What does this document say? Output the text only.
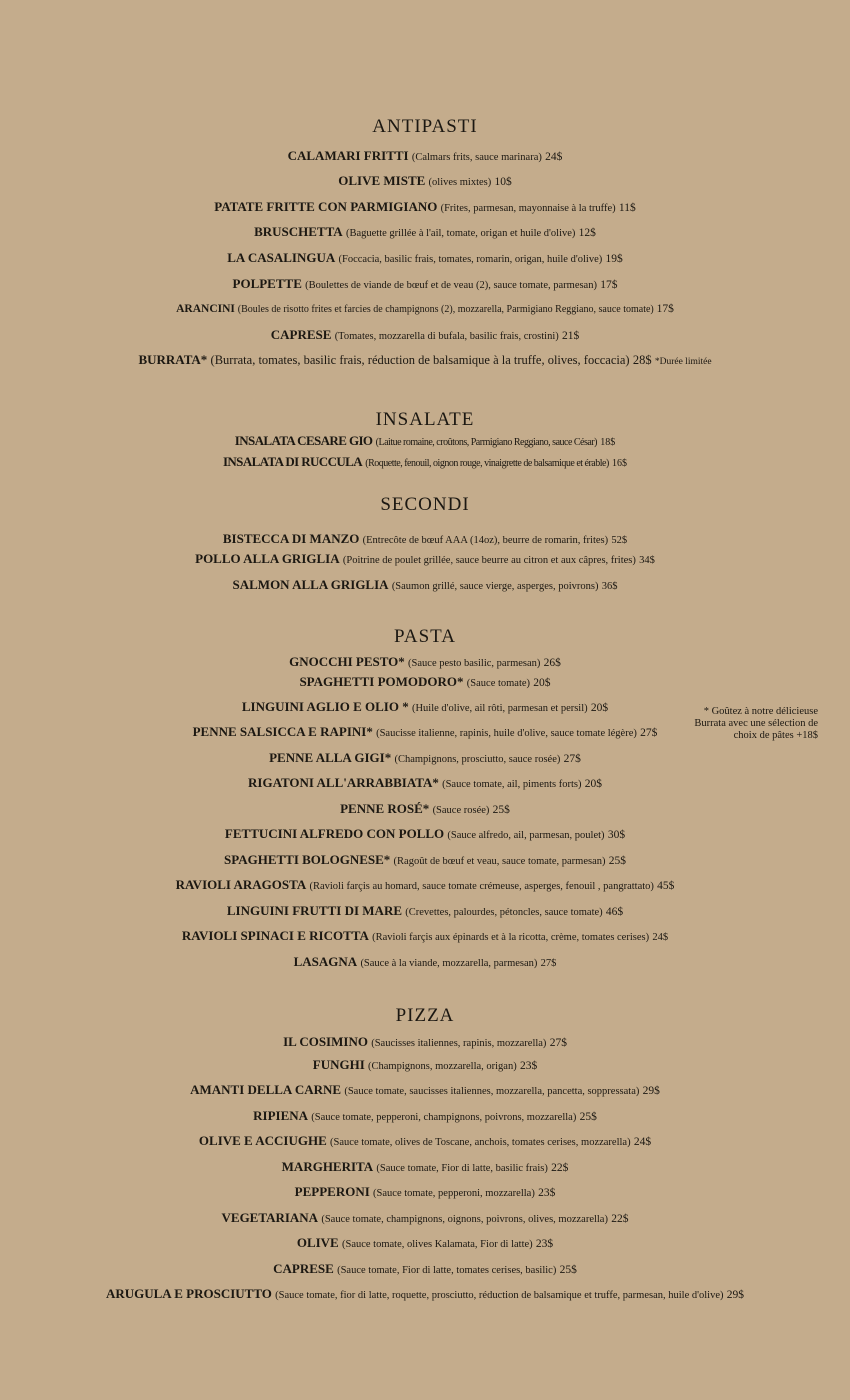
ANTIPASTI
CALAMARI FRITTI (Calmars frits, sauce marinara) 24$
OLIVE MISTE (olives mixtes) 10$
PATATE FRITTE CON PARMIGIANO (Frites, parmesan, mayonnaise à la truffe) 11$
BRUSCHETTA (Baguette grillée à l'ail, tomate, origan et huile d'olive) 12$
LA CASALINGUA (Foccacia, basilic frais, tomates, romarin, origan, huile d'olive) 19$
POLPETTE (Boulettes de viande de bœuf et de veau (2), sauce tomate, parmesan) 17$
ARANCINI (Boules de risotto frites et farcies de champignons (2), mozzarella, Parmigiano Reggiano, sauce tomate) 17$
CAPRESE (Tomates, mozzarella di bufala, basilic frais, crostini) 21$
BURRATA* (Burrata, tomates, basilic frais, réduction de balsamique à la truffe, olives, foccacia) 28$ *Durée limitée
INSALATE
INSALATA CESARE GIO (Laitue romaine, croûtons, Parmigiano Reggiano, sauce César) 18$
INSALATA DI RUCCULA (Roquette, fenouil, oignon rouge, vinaigrette de balsamique et érable) 16$
SECONDI
BISTECCA DI MANZO (Entrecôte de bœuf AAA (14oz), beurre de romarin, frites) 52$
POLLO ALLA GRIGLIA (Poitrine de poulet grillée, sauce beurre au citron et aux câpres, frites) 34$
SALMON ALLA GRIGLIA (Saumon grillé, sauce vierge, asperges, poivrons) 36$
PASTA
GNOCCHI PESTO* (Sauce pesto basilic, parmesan) 26$
SPAGHETTI POMODORO* (Sauce tomate) 20$
LINGUINI AGLIO E OLIO * (Huile d'olive, ail rôti, parmesan et persil) 20$
PENNE SALSICCA E RAPINI* (Saucisse italienne, rapinis, huile d'olive, sauce tomate légère) 27$
PENNE ALLA GIGI* (Champignons, prosciutto, sauce rosée) 27$
RIGATONI ALL'ARRABBIATA* (Sauce tomate, ail, piments forts) 20$
PENNE ROSÉ* (Sauce rosée) 25$
FETTUCINI ALFREDO CON POLLO (Sauce alfredo, ail, parmesan, poulet) 30$
SPAGHETTI BOLOGNESE* (Ragoût de bœuf et veau, sauce tomate, parmesan) 25$
RAVIOLI ARAGOSTA (Ravioli farçis au homard, sauce tomate crémeuse, asperges, fenouil , pangrattato) 45$
LINGUINI FRUTTI DI MARE (Crevettes, palourdes, pétoncles, sauce tomate) 46$
RAVIOLI SPINACI E RICOTTA (Ravioli farçis aux épinards et à la ricotta, crème, tomates cerises) 24$
LASAGNA (Sauce à la viande, mozzarella, parmesan) 27$
* Goûtez à notre délicieuse Burrata avec une sélection de choix de pâtes +18$
PIZZA
IL COSIMINO (Saucisses italiennes, rapinis, mozzarella) 27$
FUNGHI (Champignons, mozzarella, origan) 23$
AMANTI DELLA CARNE (Sauce tomate, saucisses italiennes, mozzarella, pancetta, soppressata) 29$
RIPIENA (Sauce tomate, pepperoni, champignons, poivrons, mozzarella) 25$
OLIVE E ACCIUGHE (Sauce tomate, olives de Toscane, anchois, tomates cerises, mozzarella) 24$
MARGHERITA (Sauce tomate, Fior di latte, basilic frais) 22$
PEPPERONI (Sauce tomate, pepperoni, mozzarella) 23$
VEGETARIANA (Sauce tomate, champignons, oignons, poivrons, olives, mozzarella) 22$
OLIVE (Sauce tomate, olives Kalamata, Fior di latte) 23$
CAPRESE (Sauce tomate, Fior di latte, tomates cerises, basilic) 25$
ARUGULA E PROSCIUTTO (Sauce tomate, fior di latte, roquette, prosciutto, réduction de balsamique et truffe, parmesan, huile d'olive) 29$
